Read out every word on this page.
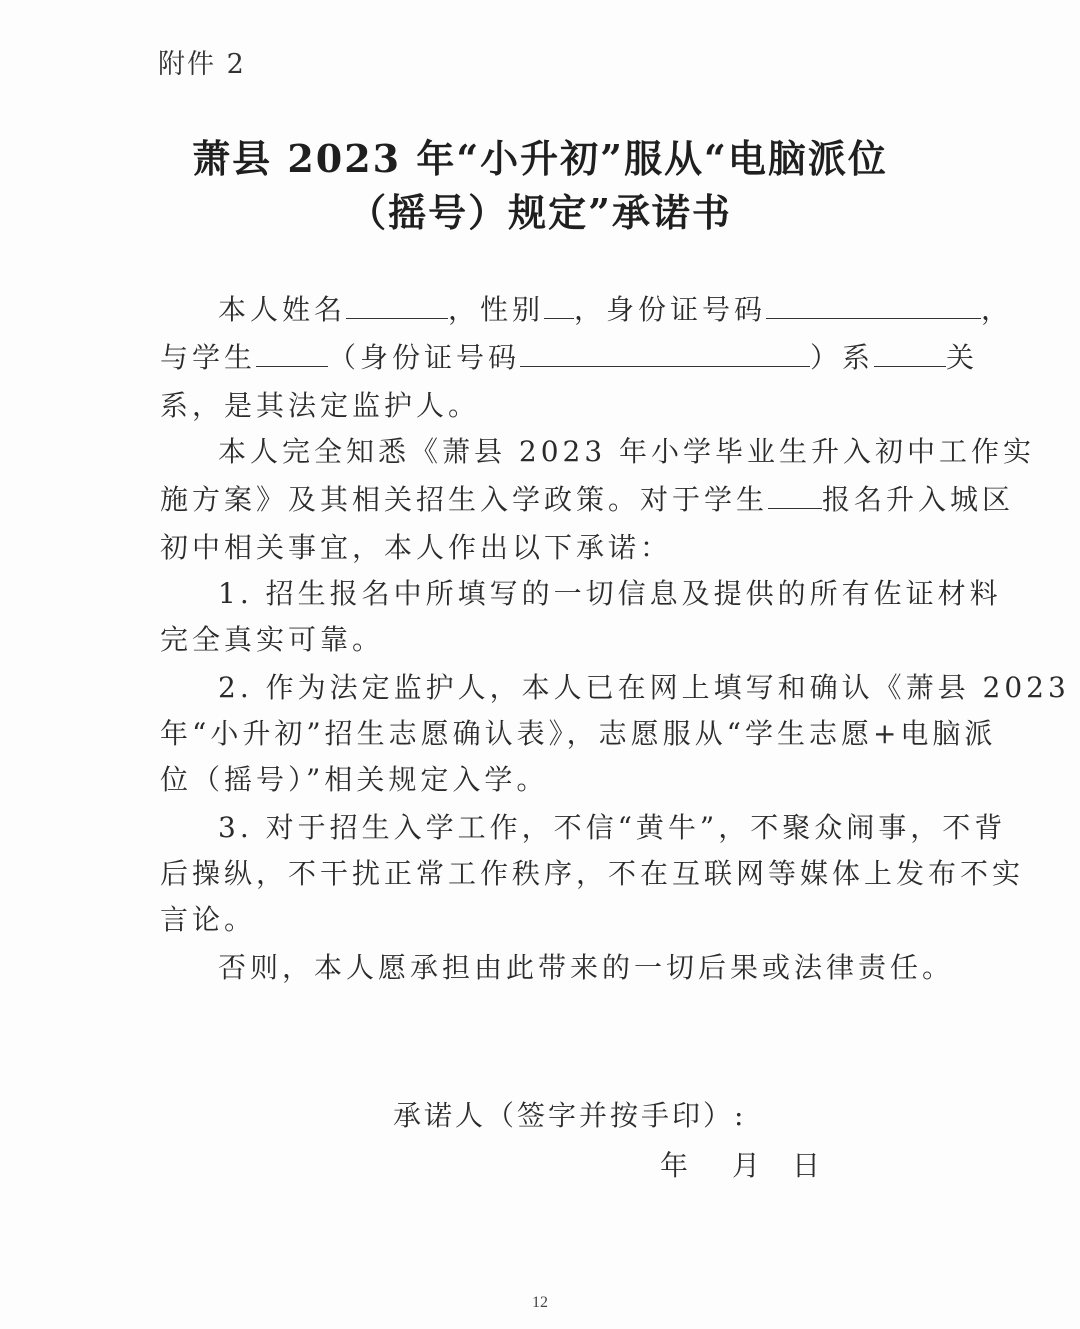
附件 2
萧县 2023 年“小升初”服从“电脑派位
（摇号）规定”承诺书
本人姓名	，性别 ，身份证号码	，
与学生	（身份证号码	）系	关
系，是其法定监护人。
本人完全知悉《萧县 2023 年小学毕业生升入初中工作实
施方案》及其相关招生入学政策。对于学生 报名升入城区
初中相关事宜，本人作出以下承诺：
1. 招生报名中所填写的一切信息及提供的所有佐证材料
完全真实可靠。
2. 作为法定监护人，本人已在网上填写和确认《萧县 2023
年“小升初”招生志愿确认表》，志愿服从“学生志愿+电脑派
位（摇号）”相关规定入学。
3. 对于招生入学工作，不信“黄牛”，不聚众闹事，不背
后操纵，不干扰正常工作秩序，不在互联网等媒体上发布不实
言论。
否则，本人愿承担由此带来的一切后果或法律责任。
承诺人（签字并按手印）:
年 月 日
12
